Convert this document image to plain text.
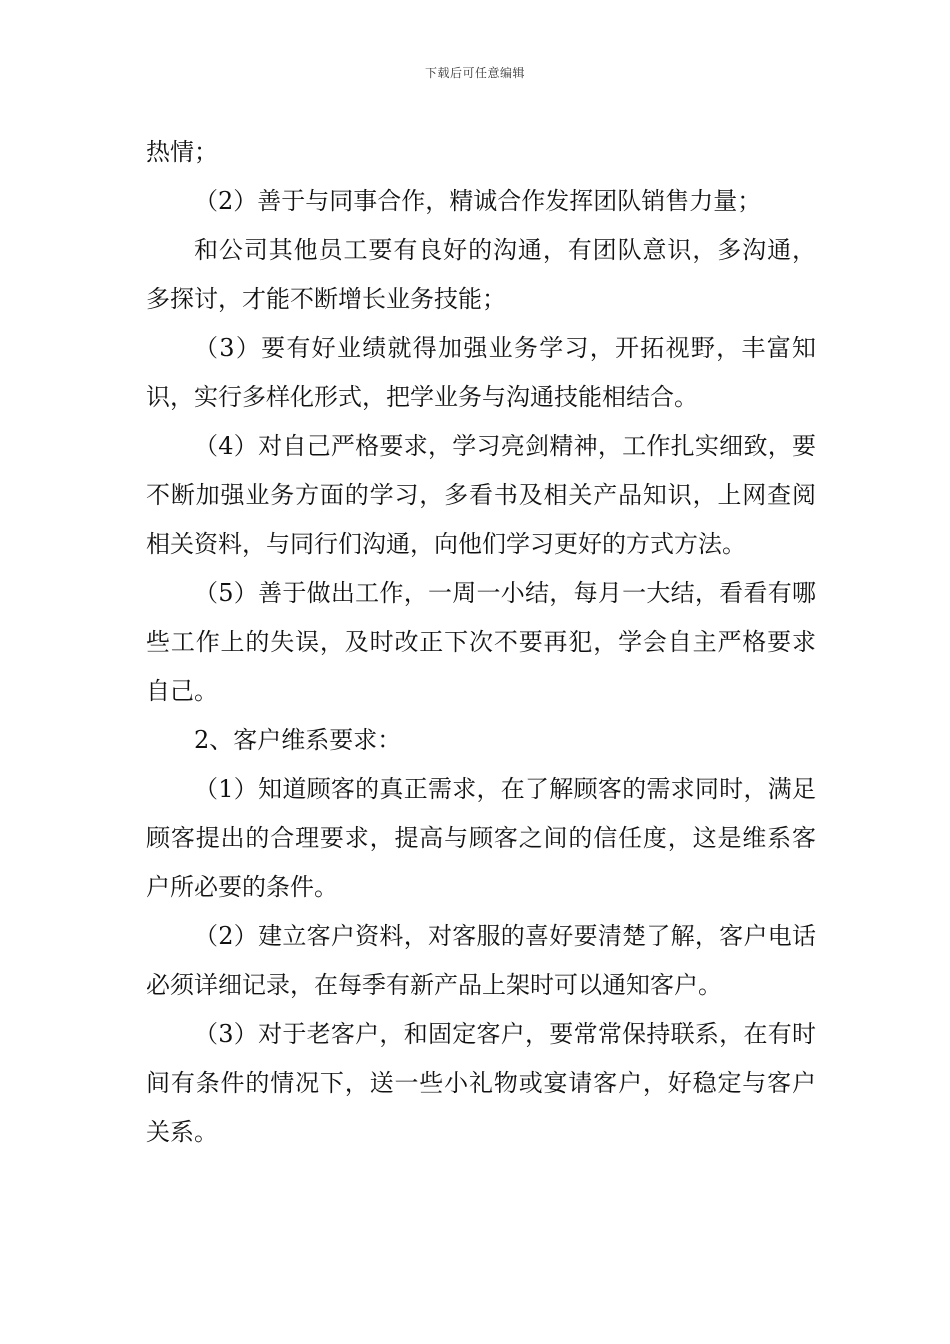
下载后可任意编辑

热情；

（2）善于与同事合作，精诚合作发挥团队销售力量；

和公司其他员工要有良好的沟通，有团队意识，多沟通，多探讨，才能不断增长业务技能；

（3）要有好业绩就得加强业务学习，开拓视野，丰富知识，实行多样化形式，把学业务与沟通技能相结合。

（4）对自己严格要求，学习亮剑精神，工作扎实细致，要不断加强业务方面的学习，多看书及相关产品知识，上网查阅相关资料，与同行们沟通，向他们学习更好的方式方法。

（5）善于做出工作，一周一小结，每月一大结，看看有哪些工作上的失误，及时改正下次不要再犯，学会自主严格要求自己。

2、客户维系要求：

（1）知道顾客的真正需求，在了解顾客的需求同时，满足顾客提出的合理要求，提高与顾客之间的信任度，这是维系客户所必要的条件。

（2）建立客户资料，对客服的喜好要清楚了解，客户电话必须详细记录，在每季有新产品上架时可以通知客户。

（3）对于老客户，和固定客户，要常常保持联系，在有时间有条件的情况下，送一些小礼物或宴请客户，好稳定与客户关系。
